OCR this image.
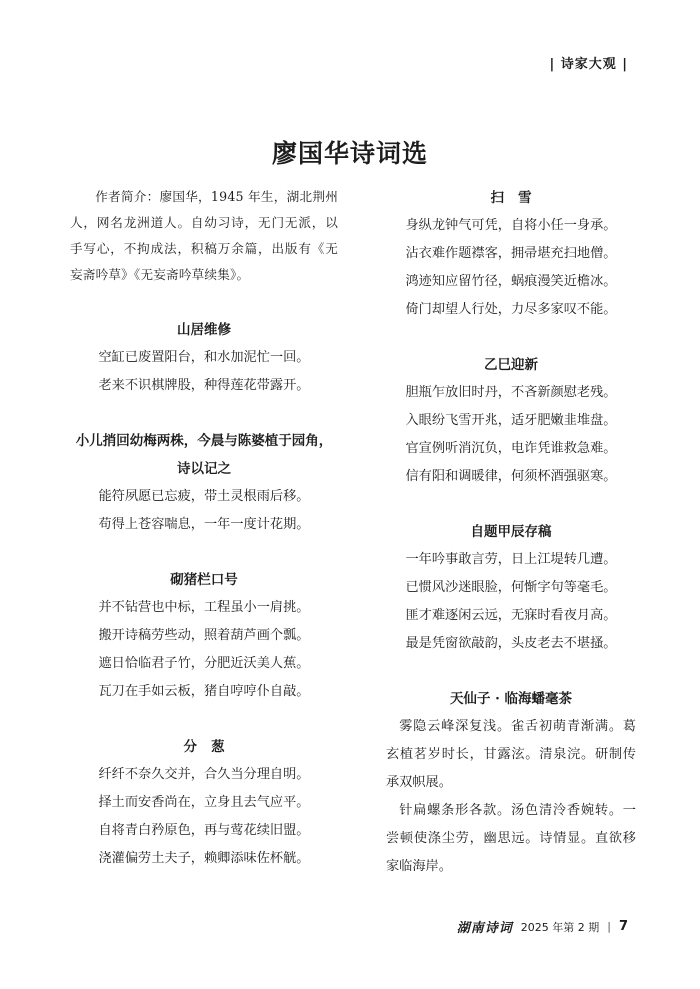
| 诗家大观 |
廖国华诗词选

作者简介：廖国华，1945 年生，湖北荆州人，网名龙洲道人。自幼习诗，无门无派，以手写心，不拘成法，积稿万余篇，出版有《无妄斋吟草》《无妄斋吟草续集》。

山居维修

空缸已废置阳台，和水加泥忙一回。
老来不识棋牌股，种得莲花带露开。

小儿捎回幼梅两株，今晨与陈婆植于园角，

诗以记之

能符夙愿已忘疲，带土灵根雨后移。
苟得上苍容喘息，一年一度计花期。

砌猪栏口号

并不钻营也中标，工程虽小一肩挑。
搬开诗稿劳些动，照着葫芦画个瓢。
遮日恰临君子竹，分肥近沃美人蕉。
瓦刀在手如云板，猪自哼哼仆自敲。

分葱

纤纤不奈久交并，合久当分理自明。
择土而安香尚在，立身且去气应平。
自将青白矜原色，再与莺花续旧盟。
浇灌偏劳土夫子，赖卿添味佐杯觥。

扫雪

身纵龙钟气可凭，自将小任一身承。
沾衣难作题襟客，拥帚堪充扫地僧。
鸿迹知应留竹径，蜗痕漫笑近檐冰。
倚门却望人行处，力尽多家叹不能。

乙巳迎新

胆瓶乍放旧时丹，不吝新颜慰老残。
入眼纷飞雪开兆，适牙肥嫩韭堆盘。
官宣例听消沉负，电诈凭谁救急难。
信有阳和调暖律，何须杯酒强驱寒。

自题甲辰存稿

一年吟事敢言劳，日上江堤转几遭。
已惯风沙迷眼脸，何惭字句等毫毛。
匪才难逐闲云远，无寐时看夜月高。
最是凭窗欲敲韵，头皮老去不堪搔。

天仙子 · 临海蟠毫茶

雾隐云峰深复浅。雀舌初萌青渐满。葛玄植茗岁时长，甘露泫。清泉浣。研制传承双帜展。

针扁螺条形各款。汤色清泠香婉转。一尝顿使涤尘劳，幽思远。诗情显。直欲移家临海岸。

湖南诗词 2025 年第 2 期 | 7
